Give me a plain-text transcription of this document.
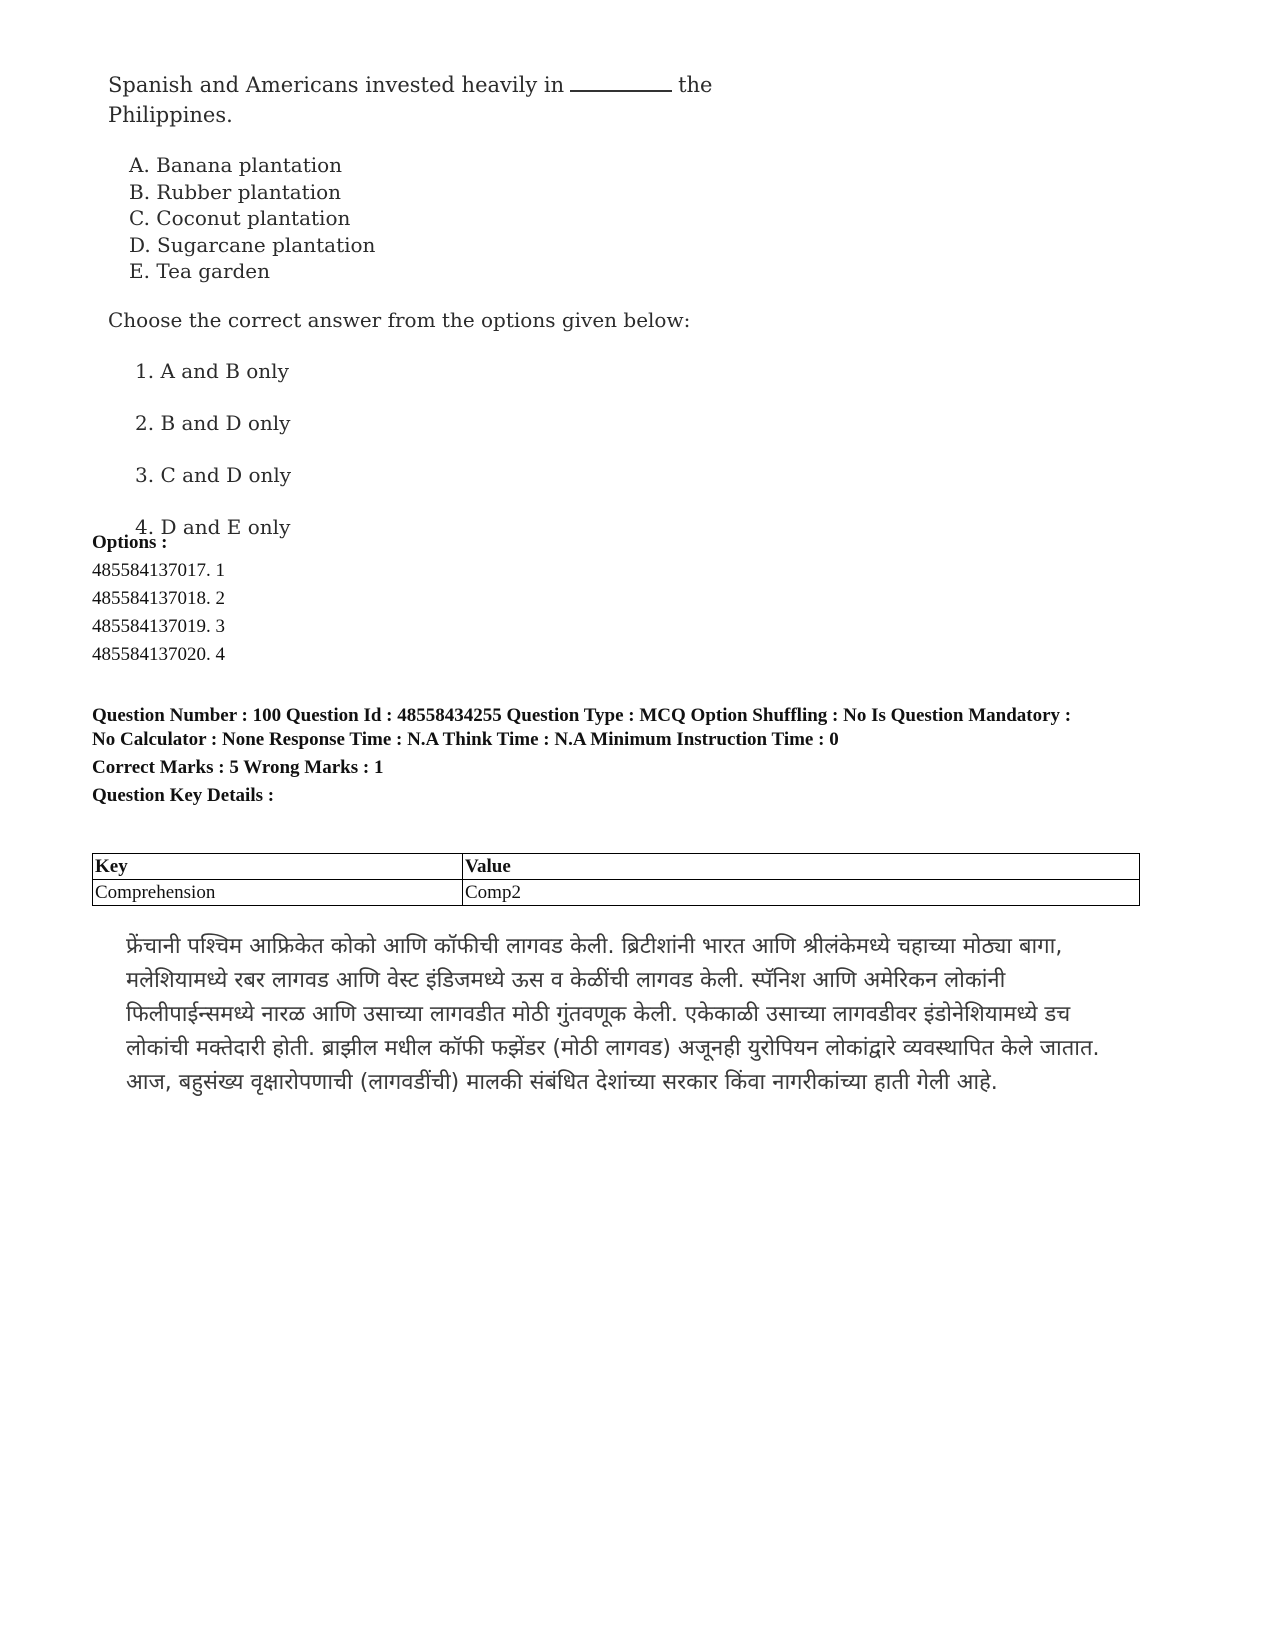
Spanish and Americans invested heavily in	the Philippines.

A. Banana plantation
B. Rubber plantation
C. Coconut plantation
D. Sugarcane plantation
E. Tea garden

Choose the correct answer from the options given below:

1. A and B only
2. B and D only
3. C and D only
4. D and E only
Options :
485584137017. 1
485584137018. 2
485584137019. 3
485584137020. 4
Question Number : 100 Question Id : 48558434255 Question Type : MCQ Option Shuffling : No Is Question Mandatory :
No Calculator : None Response Time : N.A Think Time : N.A Minimum Instruction Time : 0
Correct Marks : 5 Wrong Marks : 1
Question Key Details :
Key	Value
Comprehension	Comp2
फ्रेंचानी पश्चिम आफ्रिकेत कोको आणि कॉफीची लागवड केली. ब्रिटीशांनी भारत आणि श्रीलंकेमध्ये चहाच्या मोठ्या बागा, मलेशियामध्ये रबर लागवड आणि वेस्ट इंडिजमध्ये ऊस व केळींची लागवड केली. स्पॅनिश आणि अमेरिकन लोकांनी फिलीपाईन्समध्ये नारळ आणि उसाच्या लागवडीत मोठी गुंतवणूक केली. एकेकाळी उसाच्या लागवडीवर इंडोनेशियामध्ये डच लोकांची मक्तेदारी होती. ब्राझील मधील कॉफी फझेंडर (मोठी लागवड) अजूनही युरोपियन लोकांद्वारे व्यवस्थापित केले जातात. आज, बहुसंख्य वृक्षारोपणाची (लागवडींची) मालकी संबंधित देशांच्या सरकार किंवा नागरीकांच्या हाती गेली आहे.
